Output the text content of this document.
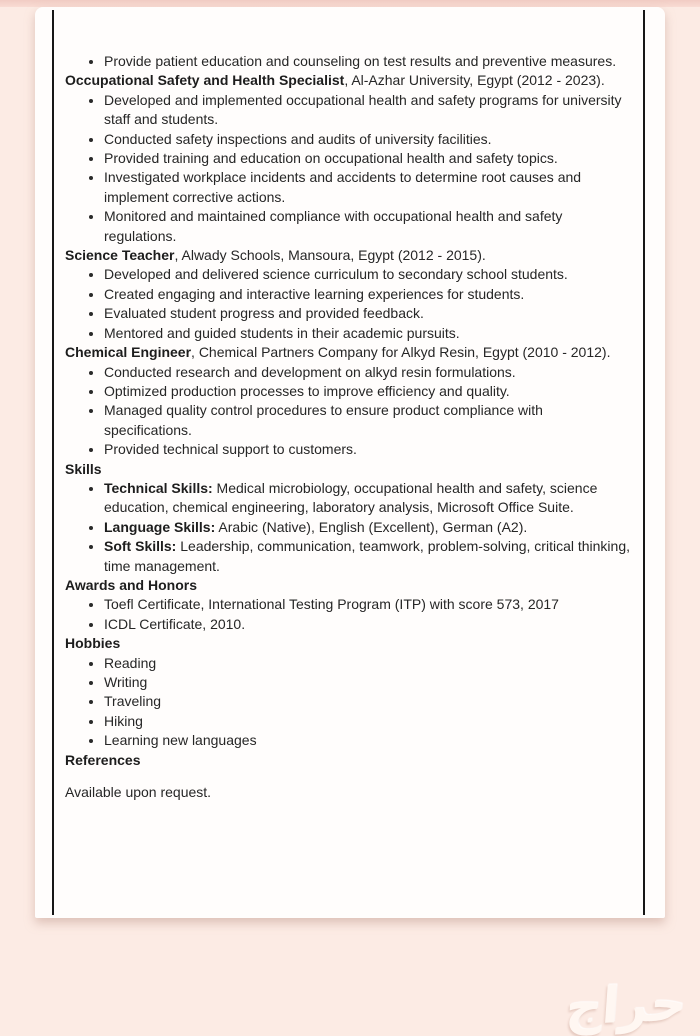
Provide patient education and counseling on test results and preventive measures.
Occupational Safety and Health Specialist, Al-Azhar University, Egypt (2012 - 2023).
Developed and implemented occupational health and safety programs for university staff and students.
Conducted safety inspections and audits of university facilities.
Provided training and education on occupational health and safety topics.
Investigated workplace incidents and accidents to determine root causes and implement corrective actions.
Monitored and maintained compliance with occupational health and safety regulations.
Science Teacher, Alwady Schools, Mansoura, Egypt (2012 - 2015).
Developed and delivered science curriculum to secondary school students.
Created engaging and interactive learning experiences for students.
Evaluated student progress and provided feedback.
Mentored and guided students in their academic pursuits.
Chemical Engineer, Chemical Partners Company for Alkyd Resin, Egypt (2010 - 2012).
Conducted research and development on alkyd resin formulations.
Optimized production processes to improve efficiency and quality.
Managed quality control procedures to ensure product compliance with specifications.
Provided technical support to customers.
Skills
Technical Skills: Medical microbiology, occupational health and safety, science education, chemical engineering, laboratory analysis, Microsoft Office Suite.
Language Skills: Arabic (Native), English (Excellent), German (A2).
Soft Skills: Leadership, communication, teamwork, problem-solving, critical thinking, time management.
Awards and Honors
Toefl Certificate, International Testing Program (ITP) with score 573, 2017
ICDL Certificate, 2010.
Hobbies
Reading
Writing
Traveling
Hiking
Learning new languages
References
Available upon request.
حراج
